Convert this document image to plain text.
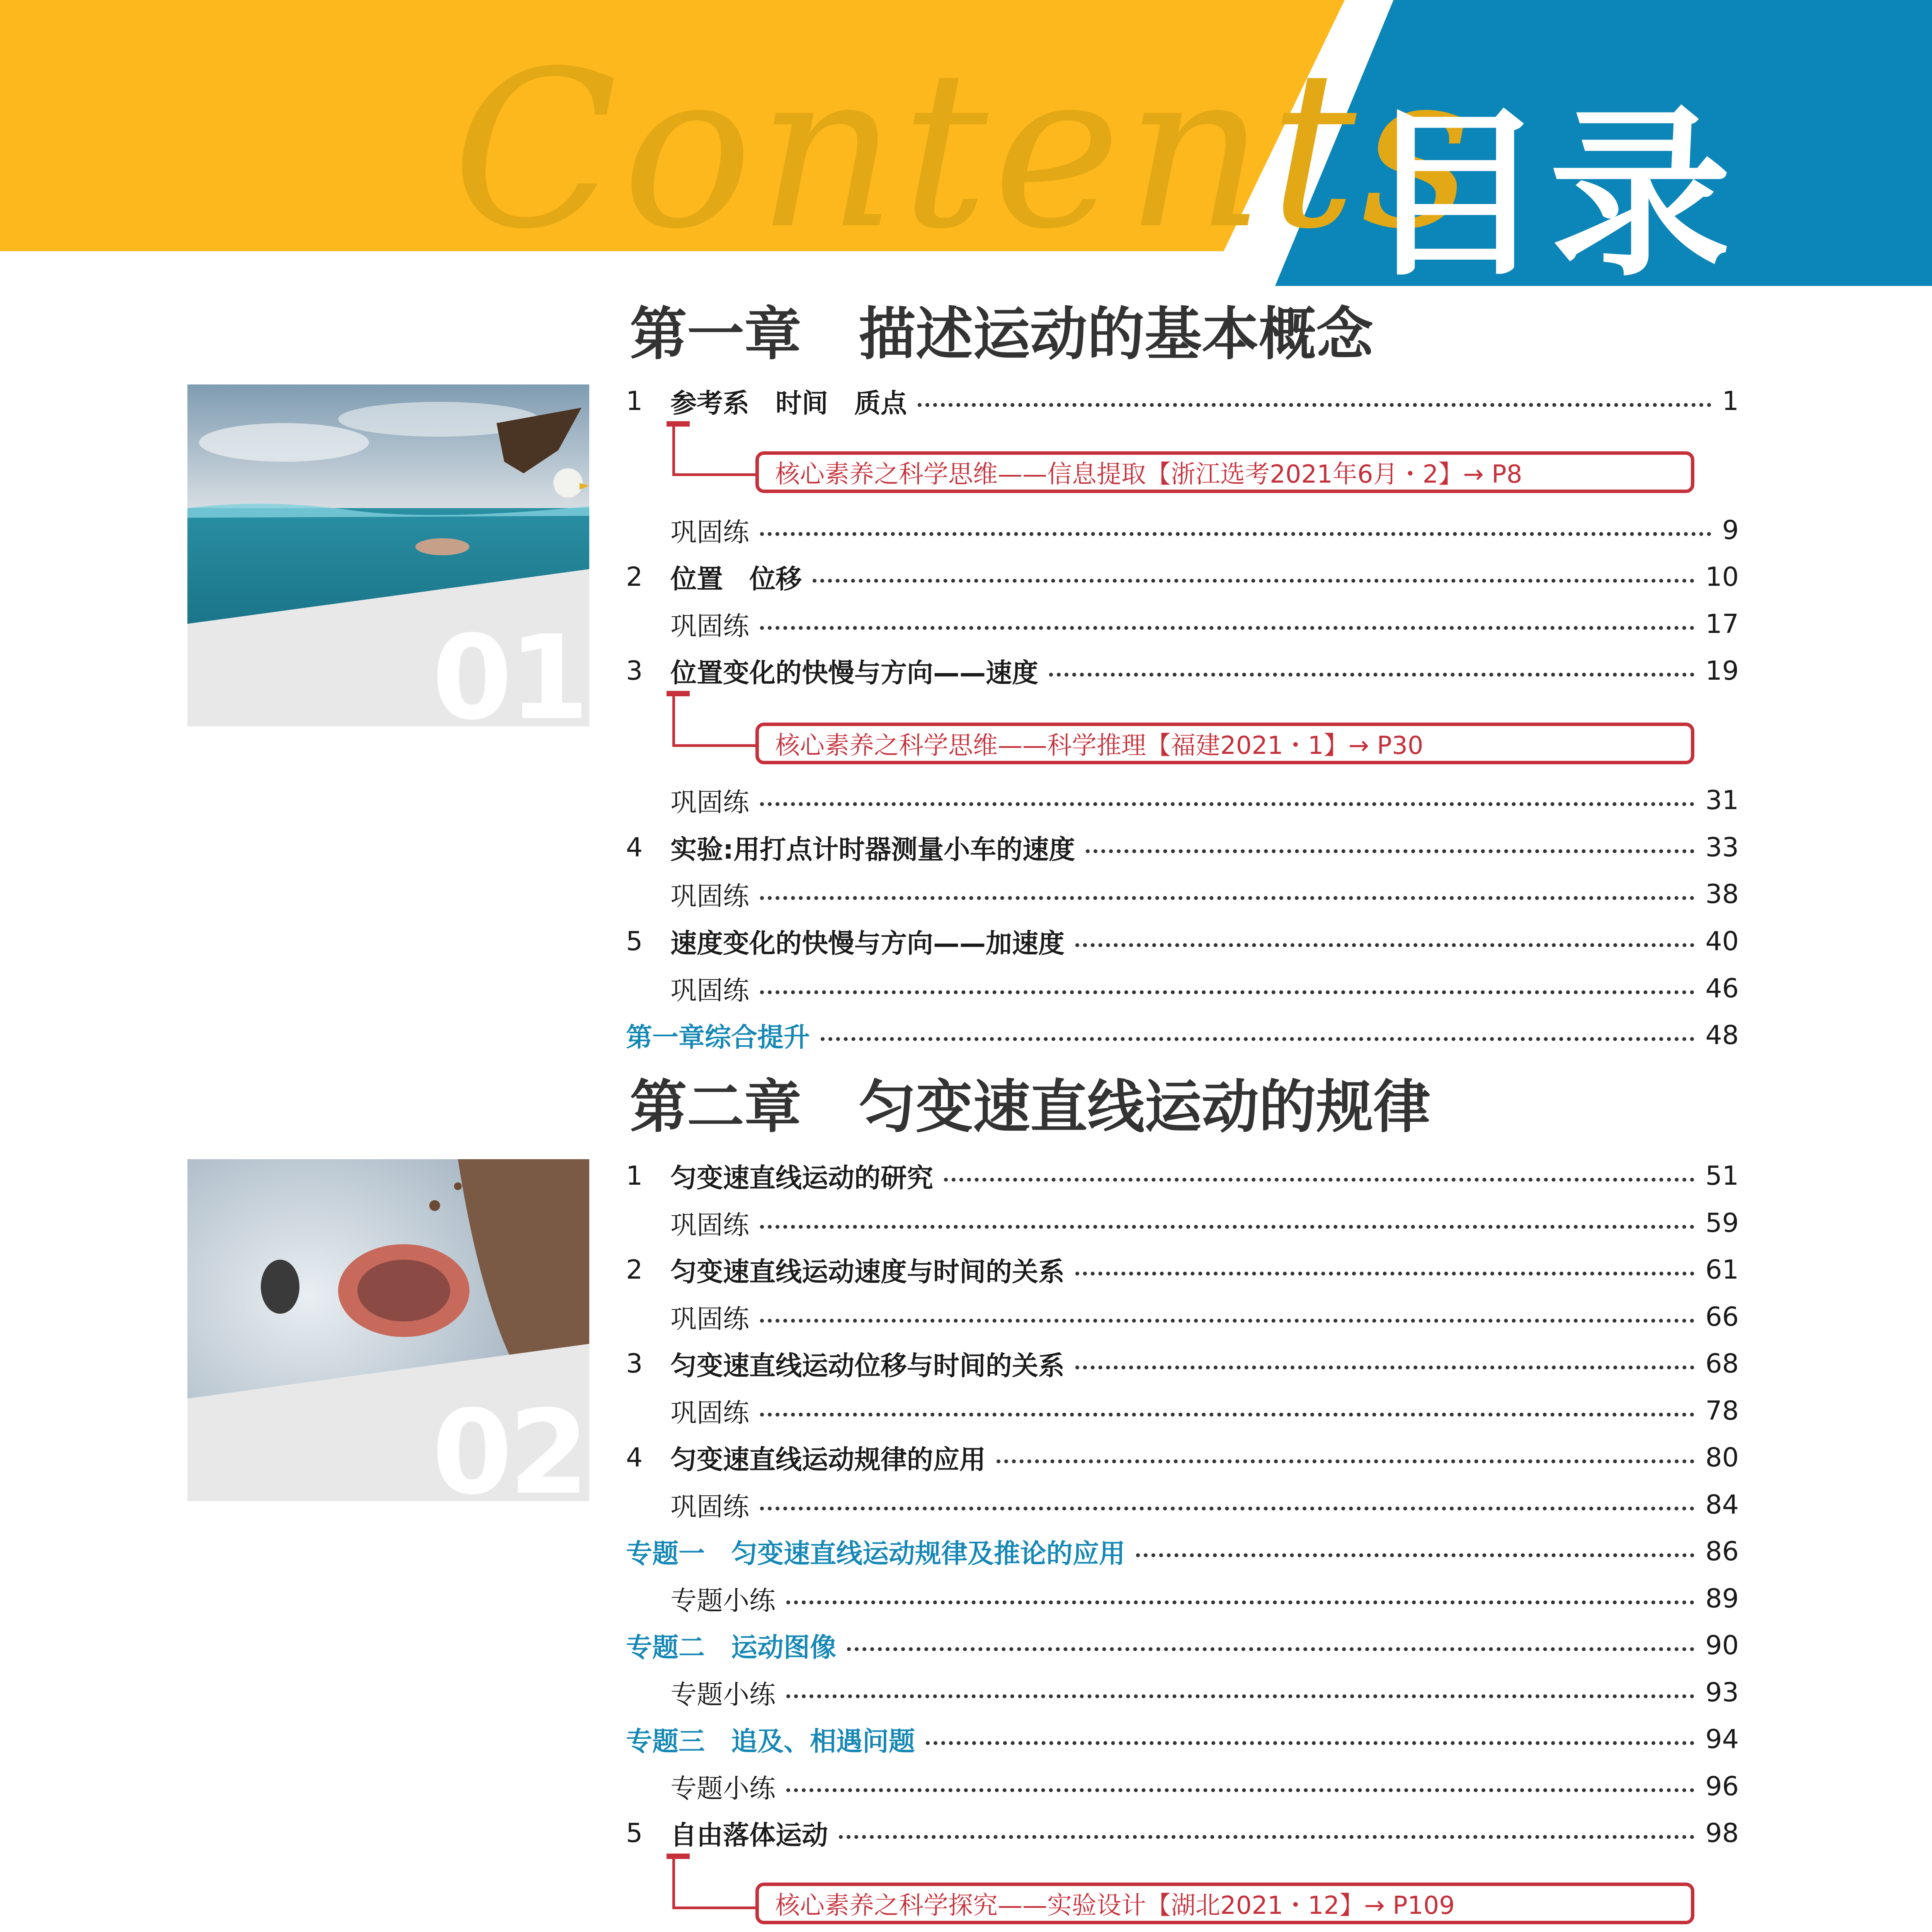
Contents
目录
01
02
第一章　描述运动的基本概念
第二章　匀变速直线运动的规律
1	参考系　时间　质点	1
核心素养之科学思维——信息提取【浙江选考2021年6月・2】→ P8
巩固练	9
2	位置　位移	10
巩固练	17
3	位置变化的快慢与方向——速度	19
核心素养之科学思维——科学推理【福建2021・1】→ P30
巩固练	31
4	实验:用打点计时器测量小车的速度	33
巩固练	38
5	速度变化的快慢与方向——加速度	40
巩固练	46
第一章综合提升	48
1	匀变速直线运动的研究	51
巩固练	59
2	匀变速直线运动速度与时间的关系	61
巩固练	66
3	匀变速直线运动位移与时间的关系	68
巩固练	78
4	匀变速直线运动规律的应用	80
巩固练	84
专题一　匀变速直线运动规律及推论的应用	86
专题小练	89
专题二　运动图像	90
专题小练	93
专题三　追及、相遇问题	94
专题小练	96
5	自由落体运动	98
核心素养之科学探究——实验设计【湖北2021・12】→ P109
